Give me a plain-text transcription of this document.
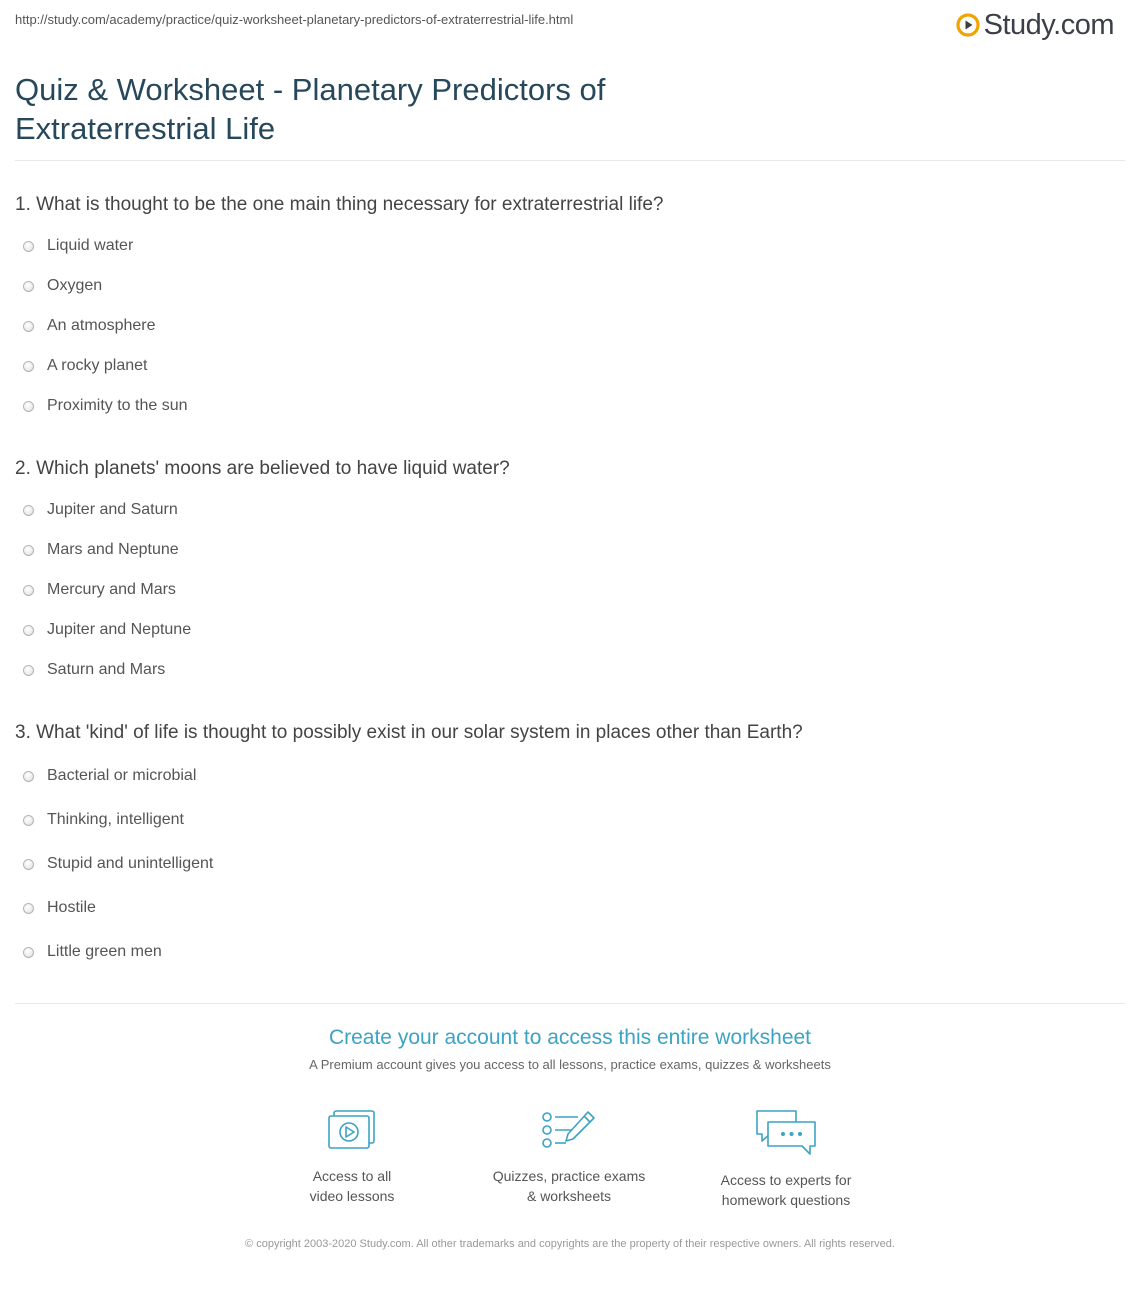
http://study.com/academy/practice/quiz-worksheet-planetary-predictors-of-extraterrestrial-life.html	Study.com
Quiz & Worksheet - Planetary Predictors of Extraterrestrial Life
1. What is thought to be the one main thing necessary for extraterrestrial life?
Liquid water
Oxygen
An atmosphere
A rocky planet
Proximity to the sun
2. Which planets' moons are believed to have liquid water?
Jupiter and Saturn
Mars and Neptune
Mercury and Mars
Jupiter and Neptune
Saturn and Mars
3. What 'kind' of life is thought to possibly exist in our solar system in places other than Earth?
Bacterial or microbial
Thinking, intelligent
Stupid and unintelligent
Hostile
Little green men
Create your account to access this entire worksheet
A Premium account gives you access to all lessons, practice exams, quizzes & worksheets
Access to all
video lessons
Quizzes, practice exams
& worksheets
Access to experts for
homework questions
© copyright 2003-2020 Study.com. All other trademarks and copyrights are the property of their respective owners. All rights reserved.
